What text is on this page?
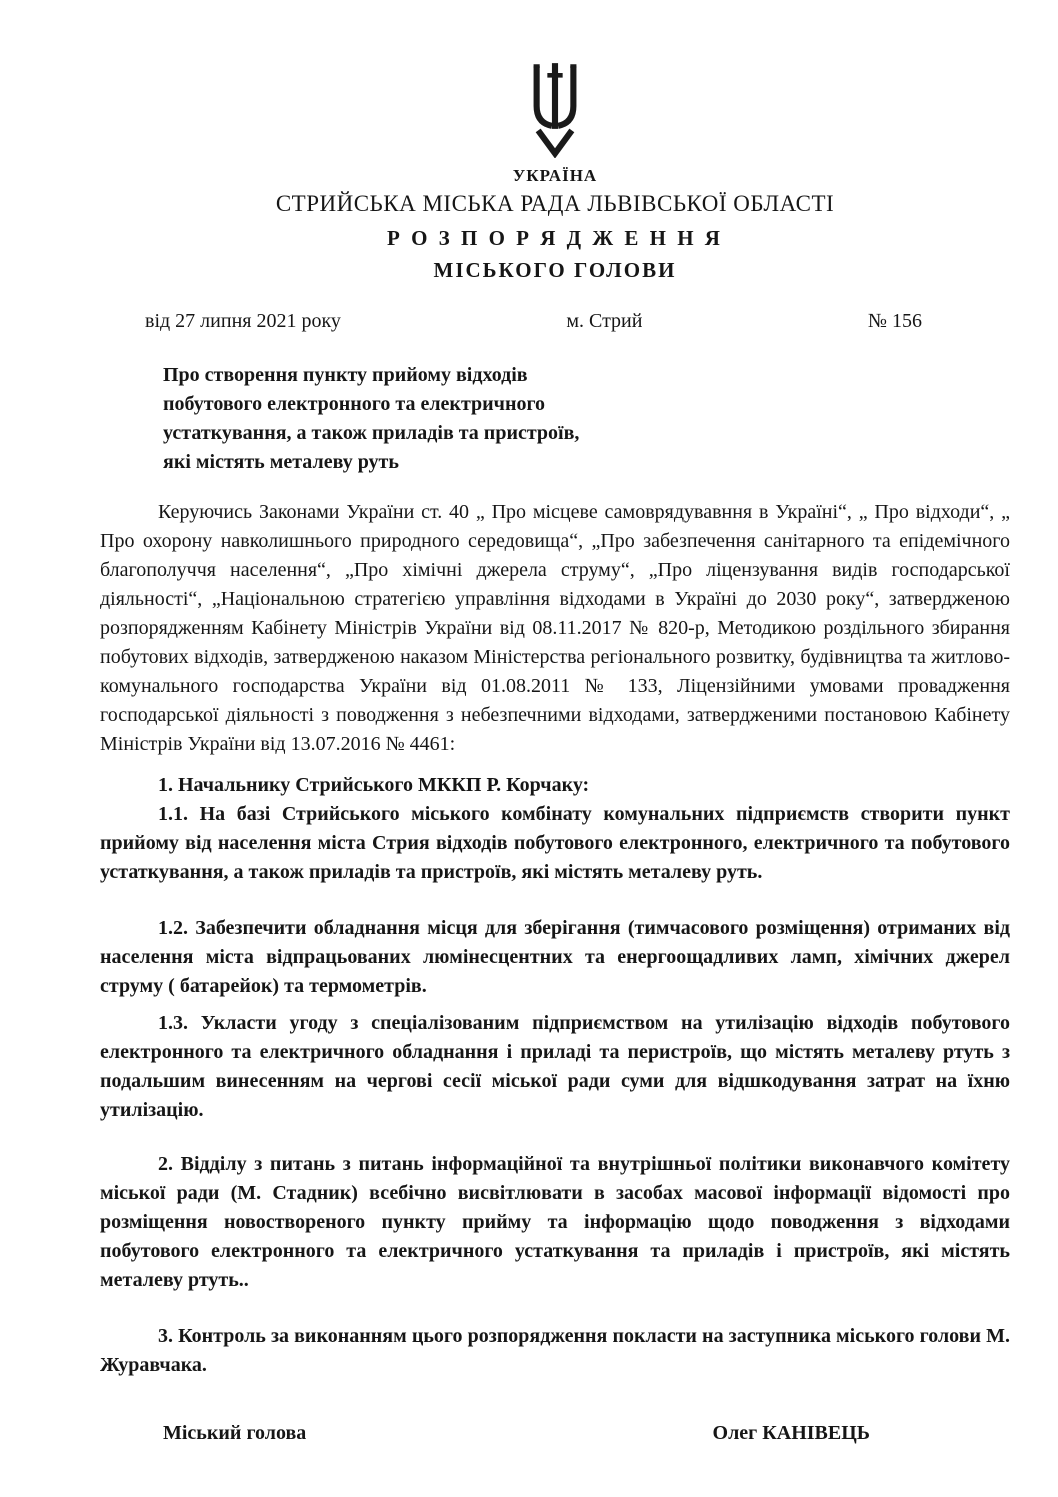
УКРАЇНА
СТРИЙСЬКА МІСЬКА РАДА ЛЬВІВСЬКОЇ ОБЛАСТІ
Р О З П О Р Я Д Ж Е Н Н Я
МІСЬКОГО ГОЛОВИ
від 27 липня 2021 року	м. Стрий	№ 156
Про створення пункту прийому відходів
побутового електронного та електричного
устаткування, а також приладів та пристроїв,
які містять металеву руть

Керуючись Законами України ст. 40 „ Про місцеве самоврядувавння в Україні“, „ Про відходи“, „ Про охорону навколишнього природного середовища“, „Про забезпечення санітарного та епідемічного благополуччя населення“, „Про хімічні джерела струму“, „Про ліцензування видів господарської діяльності“, „Національною стратегією управління відходами в Україні до 2030 року“, затвердженою розпорядженням Кабінету Міністрів України від 08.11.2017 № 820-р, Методикою роздільного збирання побутових відходів, затвердженою наказом Міністерства регіонального розвитку, будівництва та житлово-комунального господарства України від 01.08.2011 № 133, Ліцензійними умовами провадження господарської діяльності з поводження з небезпечними відходами, затвердженими постановою Кабінету Міністрів України від 13.07.2016 № 4461:

1. Начальнику Стрийського МККП Р. Корчаку:

1.1. На базі Стрийського міського комбінату комунальних підприємств створити пункт прийому від населення міста Стрия відходів побутового електронного, електричного та побутового устаткування, а також приладів та пристроїв, які містять металеву руть.

1.2. Забезпечити обладнання місця для зберігання (тимчасового розміщення) отриманих від населення міста відпрацьованих люмінесцентних та енергоощадливих ламп, хімічних джерел струму ( батарейок) та термометрів.

1.3. Укласти угоду з спеціалізованим підприємством на утилізацію відходів побутового електронного та електричного обладнання і приладі та перистроїв, що містять металеву ртуть з подальшим винесенням на чергові сесії міської ради суми для відшкодування затрат на їхню утилізацію.

2. Відділу з питань з питань інформаційної та внутрішньої політики виконавчого комітету міської ради (М. Стадник) всебічно висвітлювати в засобах масової інформації відомості про розміщення новоствореного пункту прийму та інформацію щодо поводження з відходами побутового електронного та електричного устаткування та приладів і пристроїв, які містять металеву ртуть..

3. Контроль за виконанням цього розпорядження покласти на заступника міського голови М. Журавчака.

Міський голова	Олег КАНІВЕЦЬ
